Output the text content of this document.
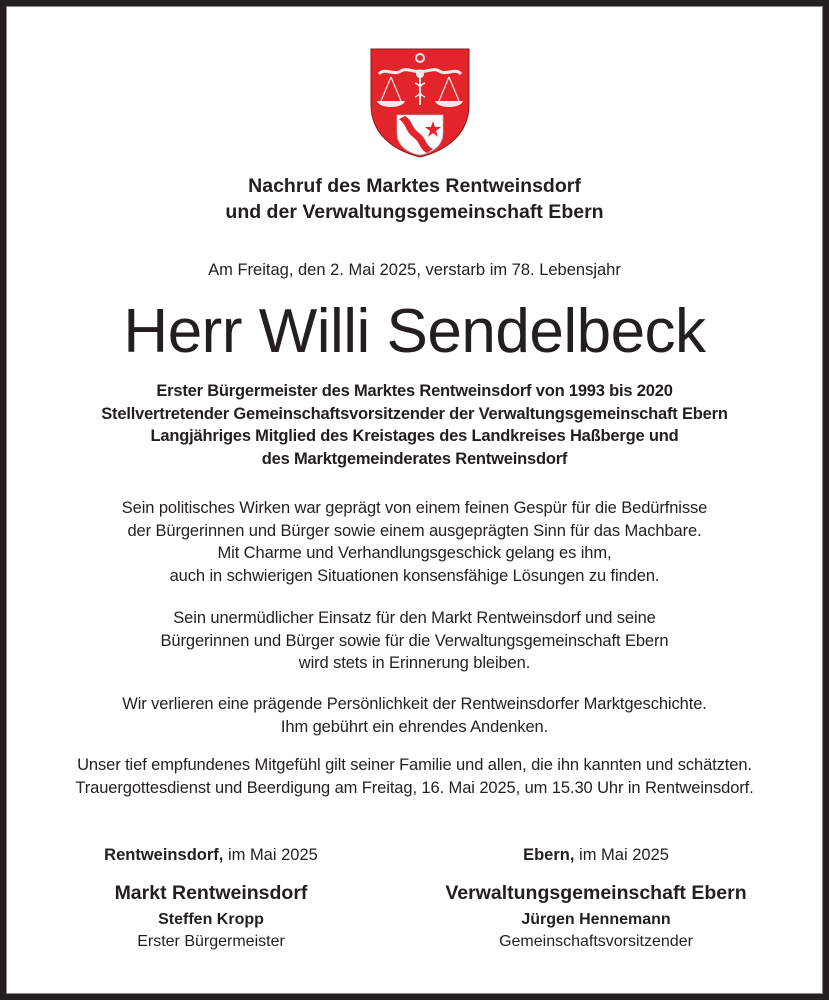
Nachruf des Marktes Rentweinsdorf
und der Verwaltungsgemeinschaft Ebern
Am Freitag, den 2. Mai 2025, verstarb im 78. Lebensjahr
Herr Willi Sendelbeck
Erster Bürgermeister des Marktes Rentweinsdorf von 1993 bis 2020
Stellvertretender Gemeinschaftsvorsitzender der Verwaltungsgemeinschaft Ebern
Langjähriges Mitglied des Kreistages des Landkreises Haßberge und
des Marktgemeinderates Rentweinsdorf
Sein politisches Wirken war geprägt von einem feinen Gespür für die Bedürfnisse
der Bürgerinnen und Bürger sowie einem ausgeprägten Sinn für das Machbare.
Mit Charme und Verhandlungsgeschick gelang es ihm,
auch in schwierigen Situationen konsensfähige Lösungen zu finden.
Sein unermüdlicher Einsatz für den Markt Rentweinsdorf und seine
Bürgerinnen und Bürger sowie für die Verwaltungsgemeinschaft Ebern
wird stets in Erinnerung bleiben.
Wir verlieren eine prägende Persönlichkeit der Rentweinsdorfer Marktgeschichte.
Ihm gebührt ein ehrendes Andenken.
Unser tief empfundenes Mitgefühl gilt seiner Familie und allen, die ihn kannten und schätzten.
Trauergottesdienst und Beerdigung am Freitag, 16. Mai 2025, um 15.30 Uhr in Rentweinsdorf.
Rentweinsdorf, im Mai 2025
Markt Rentweinsdorf
Steffen Kropp
Erster Bürgermeister
Ebern, im Mai 2025
Verwaltungsgemeinschaft Ebern
Jürgen Hennemann
Gemeinschaftsvorsitzender
